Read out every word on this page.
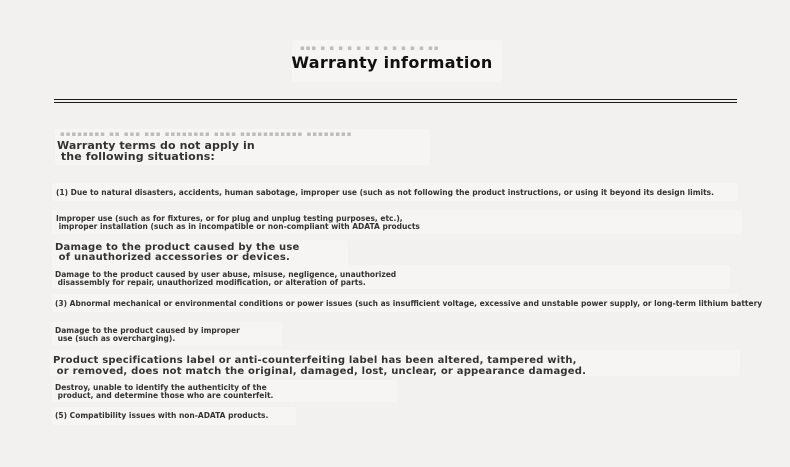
▪▪▪ ▪ ▪ ▪ ▪ ▪ ▪ ▪ ▪ ▪ ▪ ▪ ▪ ▪▪
Warranty information
▪▪▪▪▪▪▪▪ ▪▪ ▪▪▪ ▪▪▪ ▪▪▪▪▪▪▪▪ ▪▪▪▪ ▪▪▪▪▪▪▪▪▪▪▪ ▪▪▪▪▪▪▪▪
Warranty terms do not apply in
the following situations:
(1) Due to natural disasters, accidents, human sabotage, improper use (such as not following the product instructions, or using it beyond its design limits.
Improper use (such as for fixtures, or for plug and unplug testing purposes, etc.),
improper installation (such as in incompatible or non-compliant with ADATA products
Damage to the product caused by the use
of unauthorized accessories or devices.
Damage to the product caused by user abuse, misuse, negligence, unauthorized
disassembly for repair, unauthorized modification, or alteration of parts.
(3) Abnormal mechanical or environmental conditions or power issues (such as insufficient voltage, excessive and unstable power supply, or long-term lithium battery
Damage to the product caused by improper
use (such as overcharging).
Product specifications label or anti-counterfeiting label has been altered, tampered with,
or removed, does not match the original, damaged, lost, unclear, or appearance damaged.
Destroy, unable to identify the authenticity of the
product, and determine those who are counterfeit.
(5) Compatibility issues with non-ADATA products.
